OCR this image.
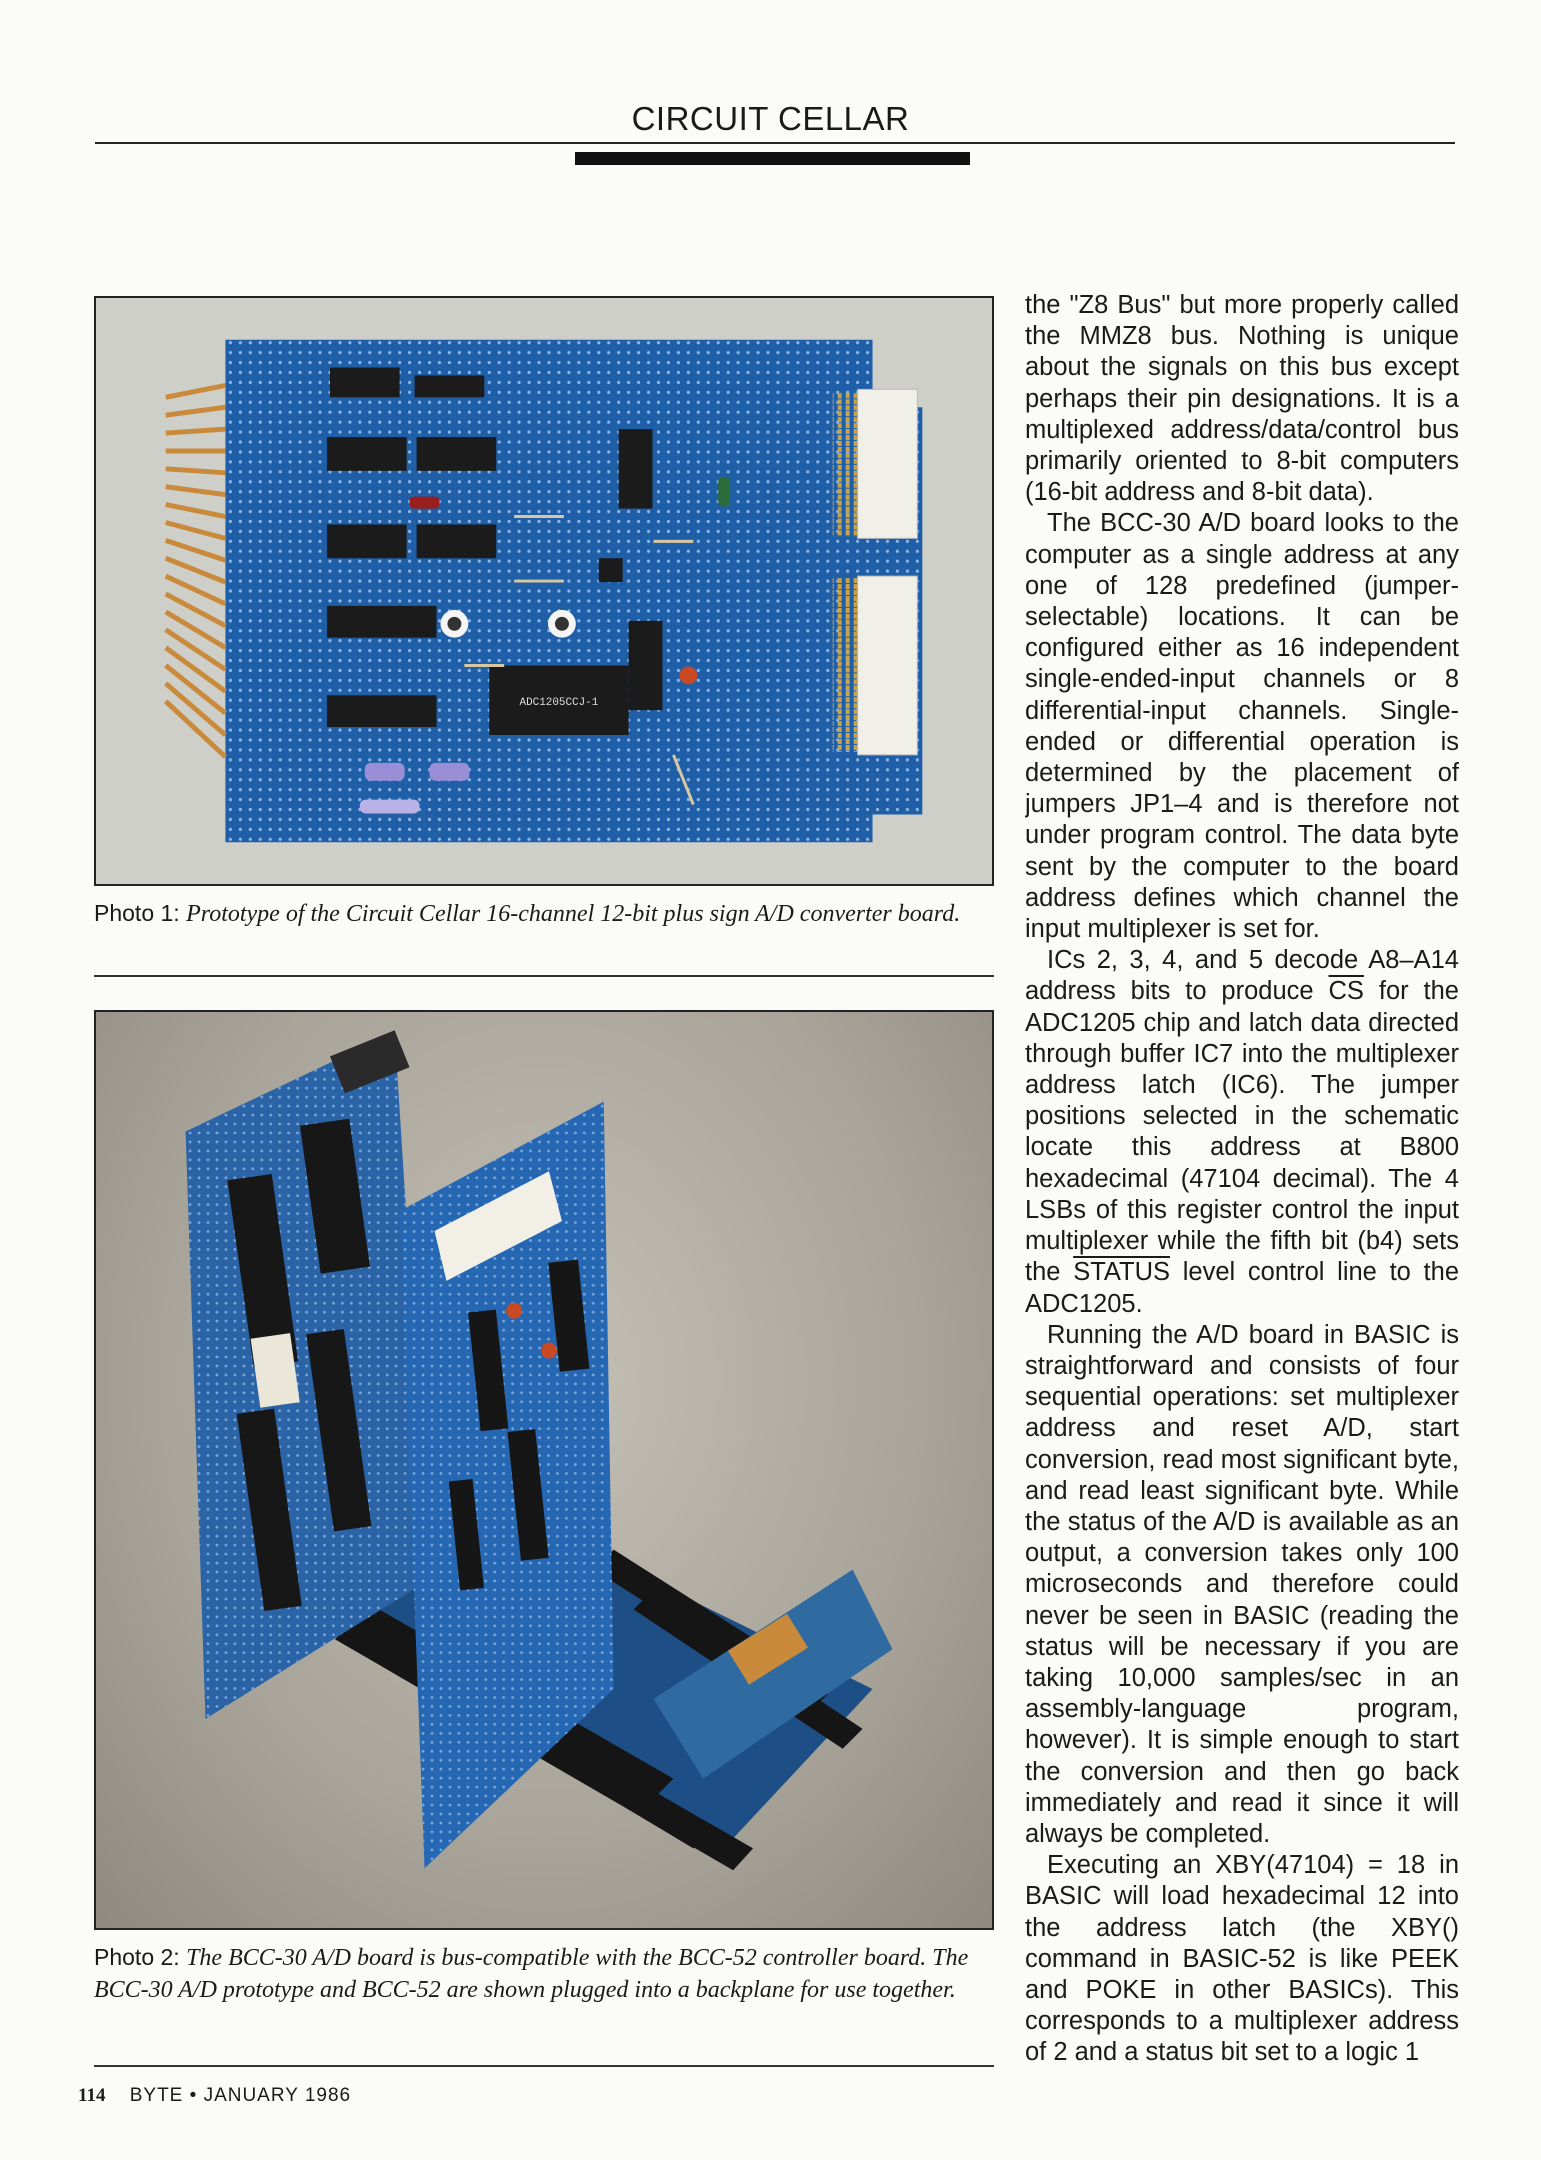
CIRCUIT CELLAR
ADC1205CCJ-1
Photo 1: Prototype of the Circuit Cellar 16-channel 12-bit plus sign A/D converter board.
Photo 2: The BCC-30 A/D board is bus-compatible with the BCC-52 controller board. The BCC-30 A/D prototype and BCC-52 are shown plugged into a backplane for use together.

the "Z8 Bus" but more properly called the MMZ8 bus. Nothing is unique about the signals on this bus except perhaps their pin designations. It is a multiplexed address/data/control bus primarily oriented to 8-bit computers (16-bit address and 8-bit data).

The BCC-30 A/D board looks to the computer as a single address at any one of 128 predefined (jumper-selectable) locations. It can be configured either as 16 independent single-ended-input channels or 8 differential-input channels. Single-ended or differential operation is determined by the placement of jumpers JP1–4 and is therefore not under program control. The data byte sent by the computer to the board address defines which channel the input multiplexer is set for.

ICs 2, 3, 4, and 5 decode A8–A14 address bits to produce $\overline{CS}$ for the ADC1205 chip and latch data directed through buffer IC7 into the multiplexer address latch (IC6). The jumper positions selected in the schematic locate this address at B800 hexadecimal (47104 decimal). The 4 LSBs of this register control the input multiplexer while the fifth bit (b4) sets the STATUS level control line to the ADC1205.

Running the A/D board in BASIC is straightforward and consists of four sequential operations: set multiplexer address and reset A/D, start conversion, read most significant byte, and read least significant byte. While the status of the A/D is available as an output, a conversion takes only 100 microseconds and therefore could never be seen in BASIC (reading the status will be necessary if you are taking 10,000 samples/sec in an assembly-language program, however). It is simple enough to start the conversion and then go back immediately and read it since it will always be completed.

Executing an XBY(47104) = 18 in BASIC will load hexadecimal 12 into the address latch (the XBY() command in BASIC-52 is like PEEK and POKE in other BASICs). This corresponds to a multiplexer address of 2 and a status bit set to a logic 1

114 BYTE • JANUARY 1986
